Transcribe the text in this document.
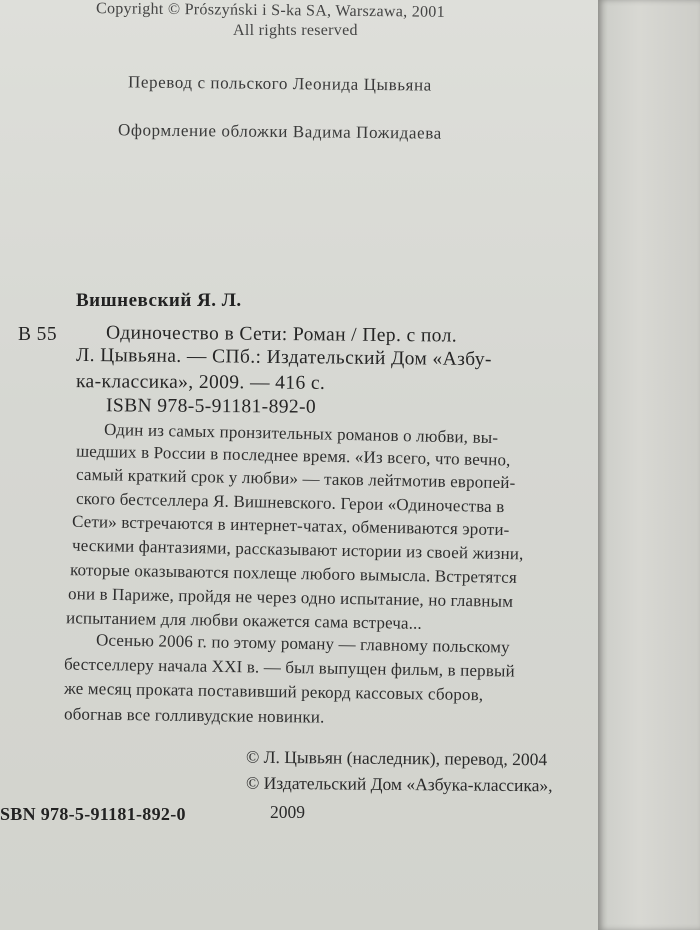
Copyright © Prószyński i S-ka SA, Warszawa, 2001
All rights reserved
Перевод с польского Леонида Цывьяна
Оформление обложки Вадима Пожидаева
Вишневский Я. Л.
В 55	Одиночество в Сети: Роман / Пер. с пол.
Л. Цывьяна. — СПб.: Издательский Дом «Азбу-
ка-классика», 2009. — 416 с.
ISBN 978-5-91181-892-0
Один из самых пронзительных романов о любви, вы-
шедших в России в последнее время. «Из всего, что вечно,
самый краткий срок у любви» — таков лейтмотив европей-
ского бестселлера Я. Вишневского. Герои «Одиночества в
Сети» встречаются в интернет-чатах, обмениваются эроти-
ческими фантазиями, рассказывают истории из своей жизни,
которые оказываются похлеще любого вымысла. Встретятся
они в Париже, пройдя не через одно испытание, но главным
испытанием для любви окажется сама встреча...
Осенью 2006 г. по этому роману — главному польскому
бестселлеру начала XXI в. — был выпущен фильм, в первый
же месяц проката поставивший рекорд кассовых сборов,
обогнав все голливудские новинки.
© Л. Цывьян (наследник), перевод, 2004
© Издательский Дом «Азбука-классика»,
2009
SBN 978-5-91181-892-0
